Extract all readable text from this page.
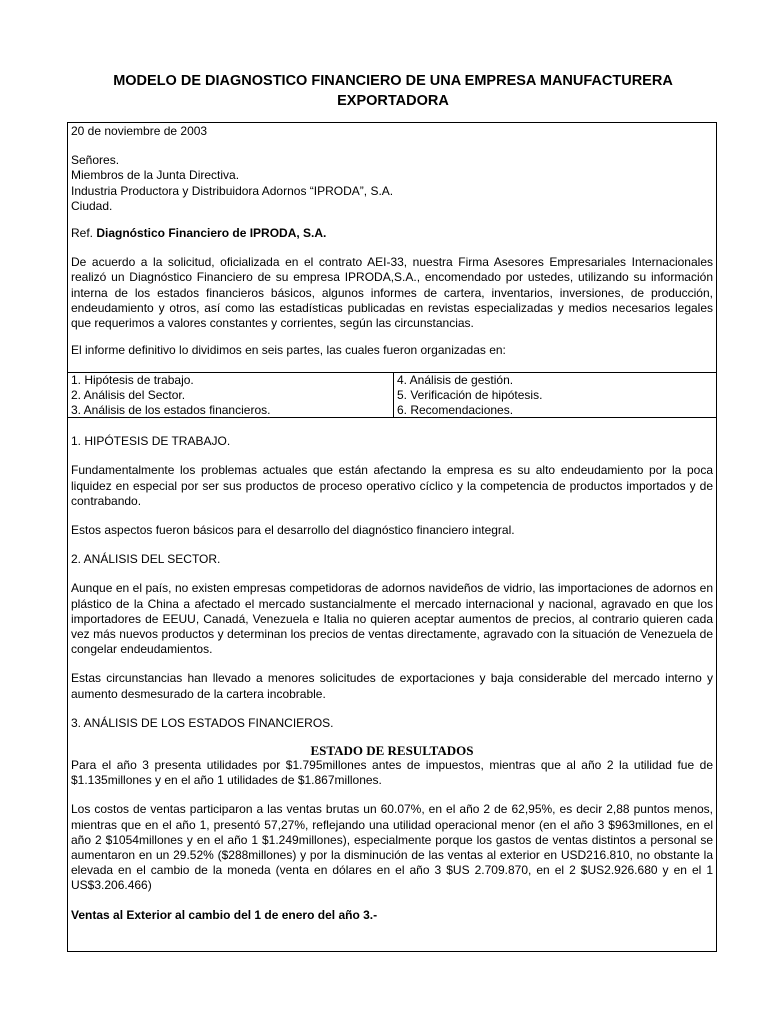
MODELO DE DIAGNOSTICO FINANCIERO DE UNA EMPRESA MANUFACTURERA
EXPORTADORA

20 de noviembre de 2003

Señores.

Miembros de la Junta Directiva.

Industria Productora y Distribuidora Adornos “IPRODA”, S.A.

Ciudad.

Ref. Diagnóstico Financiero de IPRODA, S.A.

De acuerdo a la solicitud, oficializada en el contrato AEI-33, nuestra Firma Asesores Empresariales Internacionales realizó un Diagnóstico Financiero de su empresa IPRODA,S.A., encomendado por ustedes, utilizando su información interna de los estados financieros básicos, algunos informes de cartera, inventarios, inversiones, de producción, endeudamiento y otros, así como las estadísticas publicadas en revistas especializadas y medios necesarios legales que requerimos a valores constantes y corrientes, según las circunstancias.

El informe definitivo lo dividimos en seis partes, las cuales fueron organizadas en:

1. Hipótesis de trabajo.
2. Análisis del Sector.
3. Análisis de los estados financieros.
4. Análisis de gestión.
5. Verificación de hipótesis.
6. Recomendaciones.

1. HIPÓTESIS DE TRABAJO.

Fundamentalmente los problemas actuales que están afectando la empresa es su alto endeudamiento por la poca liquidez en especial por ser sus productos de proceso operativo cíclico y la competencia de productos importados y de contrabando.

Estos aspectos fueron básicos para el desarrollo del diagnóstico financiero integral.

2. ANÁLISIS DEL SECTOR.

Aunque en el país, no existen empresas competidoras de adornos navideños de vidrio, las importaciones de adornos en plástico de la China a afectado el mercado sustancialmente el mercado internacional y nacional, agravado en que los importadores de EEUU, Canadá, Venezuela e Italia no quieren aceptar aumentos de precios, al contrario quieren cada vez más nuevos productos y determinan los precios de ventas directamente, agravado con la situación de Venezuela de congelar endeudamientos.

Estas circunstancias han llevado a menores solicitudes de exportaciones y baja considerable del mercado interno y aumento desmesurado de la cartera incobrable.

3. ANÁLISIS DE LOS ESTADOS FINANCIEROS.

ESTADO DE RESULTADOS

Para el año 3 presenta utilidades por $1.795millones antes de impuestos, mientras que al año 2 la utilidad fue de $1.135millones y en el año 1 utilidades de $1.867millones.

Los costos de ventas participaron a las ventas brutas un 60.07%, en el año 2 de 62,95%, es decir 2,88 puntos menos, mientras que en el año 1, presentó 57,27%, reflejando una utilidad operacional menor (en el año 3 $963millones, en el año 2 $1054millones y en el año 1 $1.249millones), especialmente porque los gastos de ventas distintos a personal se aumentaron en un 29.52% ($288millones) y por la disminución de las ventas al exterior en USD216.810, no obstante la elevada en el cambio de la moneda (venta en dólares en el año 3 $US 2.709.870, en el 2 $US2.926.680 y en el 1 US$3.206.466)

Ventas al Exterior al cambio del 1 de enero del año 3.-
